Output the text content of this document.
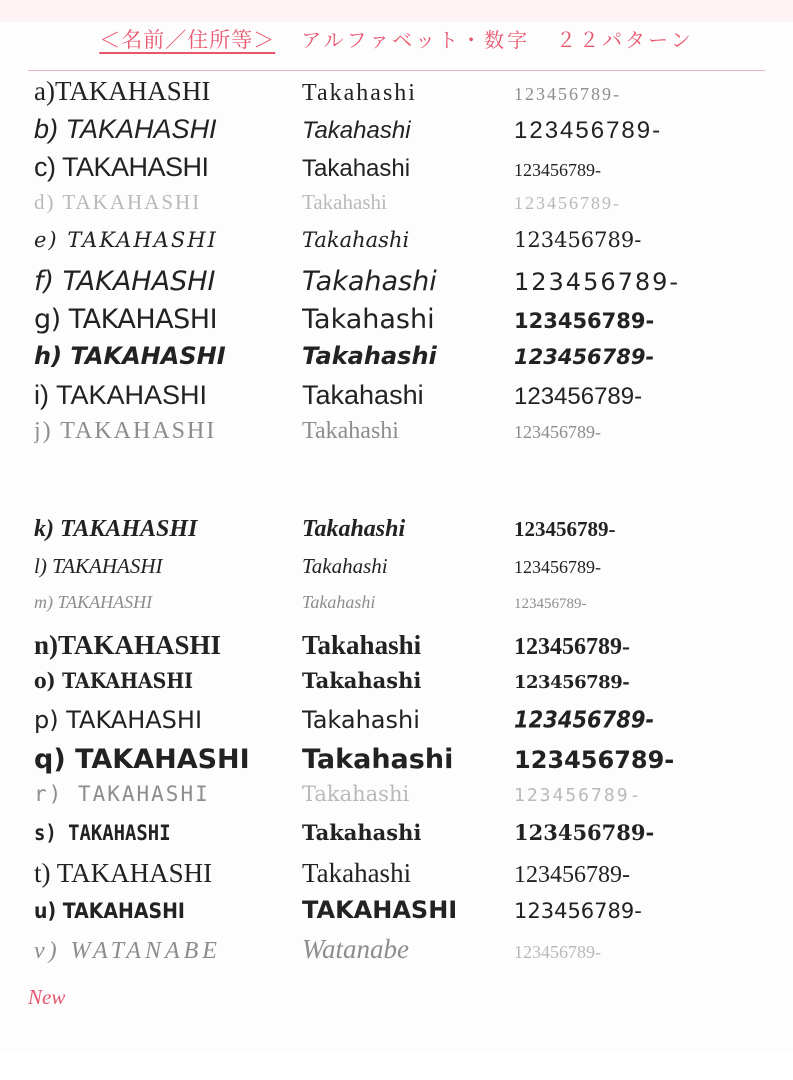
＜名前／住所等＞ アルファベット・数字 ２２パターン
a)TAKAHASHI	Takahashi	123456789-
b) TAKAHASHI	Takahashi	123456789-
c) TAKAHASHI	Takahashi	123456789-
d) TAKAHASHI	Takahashi	123456789-
e) TAKAHASHI	Takahashi	123456789-
f) TAKAHASHI	Takahashi	123456789-
g) TAKAHASHI	Takahashi	123456789-
h) TAKAHASHI	Takahashi	123456789-
i) TAKAHASHI	Takahashi	123456789-
j) TAKAHASHI	Takahashi	123456789-
k) TAKAHASHI	Takahashi	123456789-
l) TAKAHASHI	Takahashi	123456789-
m) TAKAHASHI	Takahashi	123456789-
n)TAKAHASHI	Takahashi	123456789-
o) TAKAHASHI	Takahashi	123456789-
p) TAKAHASHI	Takahashi	123456789-
q) TAKAHASHI	Takahashi	123456789-
r) TAKAHASHI	Takahashi	123456789-
s) TAKAHASHI	Takahashi	123456789-
t) TAKAHASHI	Takahashi	123456789-
u) TAKAHASHI	TAKAHASHI	123456789-
v) WATANABE	Watanabe	123456789-
New
